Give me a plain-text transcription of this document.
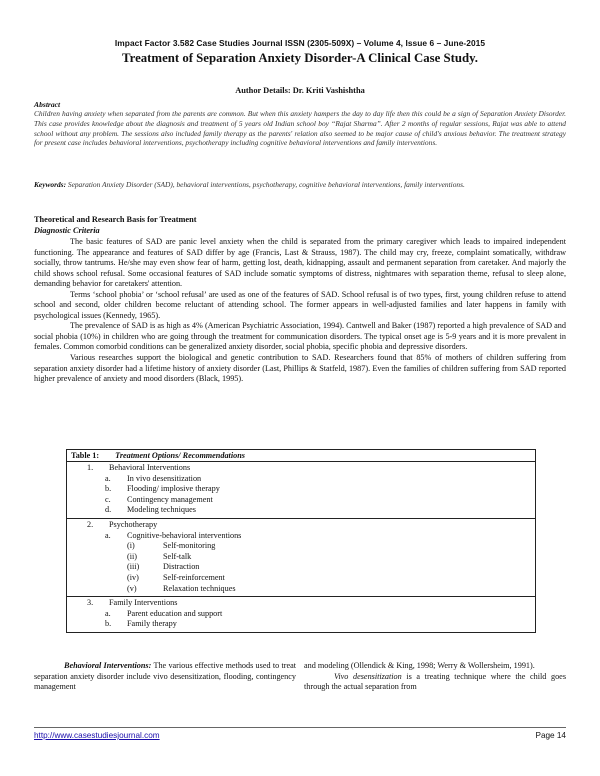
Impact Factor 3.582 Case Studies Journal ISSN (2305-509X) – Volume 4, Issue 6 – June-2015
Treatment of Separation Anxiety Disorder-A Clinical Case Study.
Author Details: Dr. Kriti Vashishtha
Abstract
Children having anxiety when separated from the parents are common. But when this anxiety hampers the day to day life then this could be a sign of Separation Anxiety Disorder. This case provides knowledge about the diagnosis and treatment of 5 years old Indian school boy “Rajat Sharma”. After 2 months of regular sessions, Rajat was able to attend school without any problem. The sessions also included family therapy as the parents' relation also seemed to be major cause of child's anxious behavior. The treatment strategy for present case includes behavioral interventions, psychotherapy including cognitive behavioral interventions and family interventions.
Keywords: Separation Anxiety Disorder (SAD), behavioral interventions, psychotherapy, cognitive behavioral interventions, family interventions.
Theoretical and Research Basis for Treatment
Diagnostic Criteria

The basic features of SAD are panic level anxiety when the child is separated from the primary caregiver which leads to impaired independent functioning. The appearance and features of SAD differ by age (Francis, Last & Strauss, 1987). The child may cry, freeze, complaint somatically, withdraw socially, throw tantrums. He/she may even show fear of harm, getting lost, death, kidnapping, assault and permanent separation from caretaker. And majorly the child shows school refusal. Some occasional features of SAD include somatic symptoms of distress, nightmares with separation theme, refusal to sleep alone, demanding behavior for caretakers' attention.

Terms ‘school phobia’ or ‘school refusal’ are used as one of the features of SAD. School refusal is of two types, first, young children refuse to attend school and second, older children become reluctant of attending school. The former appears in well-adjusted families and later happens in family with psychological issues (Kennedy, 1965).

The prevalence of SAD is as high as 4% (American Psychiatric Association, 1994). Cantwell and Baker (1987) reported a high prevalence of SAD and social phobia (10%) in children who are going through the treatment for communication disorders. The typical onset age is 5-9 years and it is more prevalent in females. Common comorbid conditions can be generalized anxiety disorder, social phobia, specific phobia and depressive disorders.

Various researches support the biological and genetic contribution to SAD. Researchers found that 85% of mothers of children suffering from separation anxiety disorder had a lifetime history of anxiety disorder (Last, Phillips & Statfeld, 1987). Even the families of children suffering from SAD reported higher prevalence of anxiety and mood disorders (Black, 1995).

Table 1: Treatment Options/ Recommendations
1. Behavioral Interventions
a. In vivo desensitization
b. Flooding/ implosive therapy
c. Contingency management
d. Modeling techniques
2. Psychotherapy
a. Cognitive-behavioral interventions
(i)	Self-monitoring
(ii)	Self-talk
(iii)	Distraction
(iv)	Self-reinforcement
(v)	Relaxation techniques
3. Family Interventions
a. Parent education and support
b. Family therapy

Behavioral Interventions: The various effective methods used to treat separation anxiety disorder include vivo desensitization, flooding, contingency management

and modeling (Ollendick & King, 1998; Werry & Wollersheim, 1991).

Vivo desensitization is a treating technique where the child goes through the actual separation from

http://www.casestudiesjournal.com	Page 14
